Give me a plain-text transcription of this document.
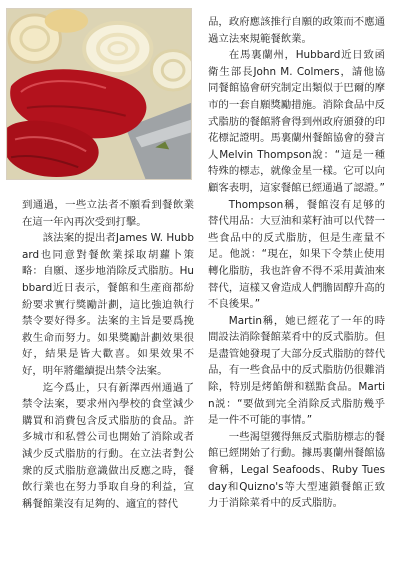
到通過，一些立法者不願看到餐飲業在這一年內再次受到打擊。

該法案的提出者James W. Hubbard也同意對餐飲業採取胡蘿卜策略：自願、逐步地消除反式脂肪。Hubbard近日表示，餐館和生產商都紛紛要求實行獎勵計劃，這比強迫執行禁令要好得多。法案的主旨是要爲挽救生命而努力。如果獎勵計劃效果很好，結果是皆大歡喜。如果效果不好，明年將繼續提出禁令法案。

迄今爲止，只有新澤西州通過了禁令法案，要求州內學校的食堂減少購買和消費包含反式脂肪的食品。許多城市和私營公司也開始了消除或者減少反式脂肪的行動。在立法者對公衆的反式脂肪意識做出反應之時，餐飲行業也在努力爭取自身的利益，宣稱餐館業沒有足夠的、適宜的替代

品，政府應該推行自願的政策而不應通過立法來規範餐飲業。

在馬裏蘭州，Hubbard近日致函衛生部長John M. Colmers，請他協同餐館協會研究制定出類似于巴爾的摩市的一套自願獎勵措施。消除食品中反式脂肪的餐館將會得到州政府頒發的印花標記證明。馬裏蘭州餐館協會的發言人Melvin Thompson說：“這是一種特殊的標志，就像金星一樣。它可以向顧客表明，這家餐館已經通過了認證。”

Thompson稱，餐館沒有足够的替代用品：大豆油和菜籽油可以代替一些食品中的反式脂肪，但是生產量不足。他説：“現在，如果下令禁止使用轉化脂肪，我也許會不得不采用黃油來替代，這樣又會造成人們膽固醇升高的不良後果。”

Martin稱，她已經花了一年的時間設法消除餐館菜肴中的反式脂肪。但是盡管她發現了大部分反式脂肪的替代品，有一些食品中的反式脂肪仍很難消除，特別是烤餡餅和糕點食品。Martin説：“要做到完全消除反式脂肪幾乎是一件不可能的事情。”

一些渴望獲得無反式脂肪標志的餐館已經開始了行動。據馬裏蘭州餐館協會稱，Legal Seafoods、Ruby Tuesday和Quizno's等大型連鎖餐館正致力于消除菜肴中的反式脂肪。
